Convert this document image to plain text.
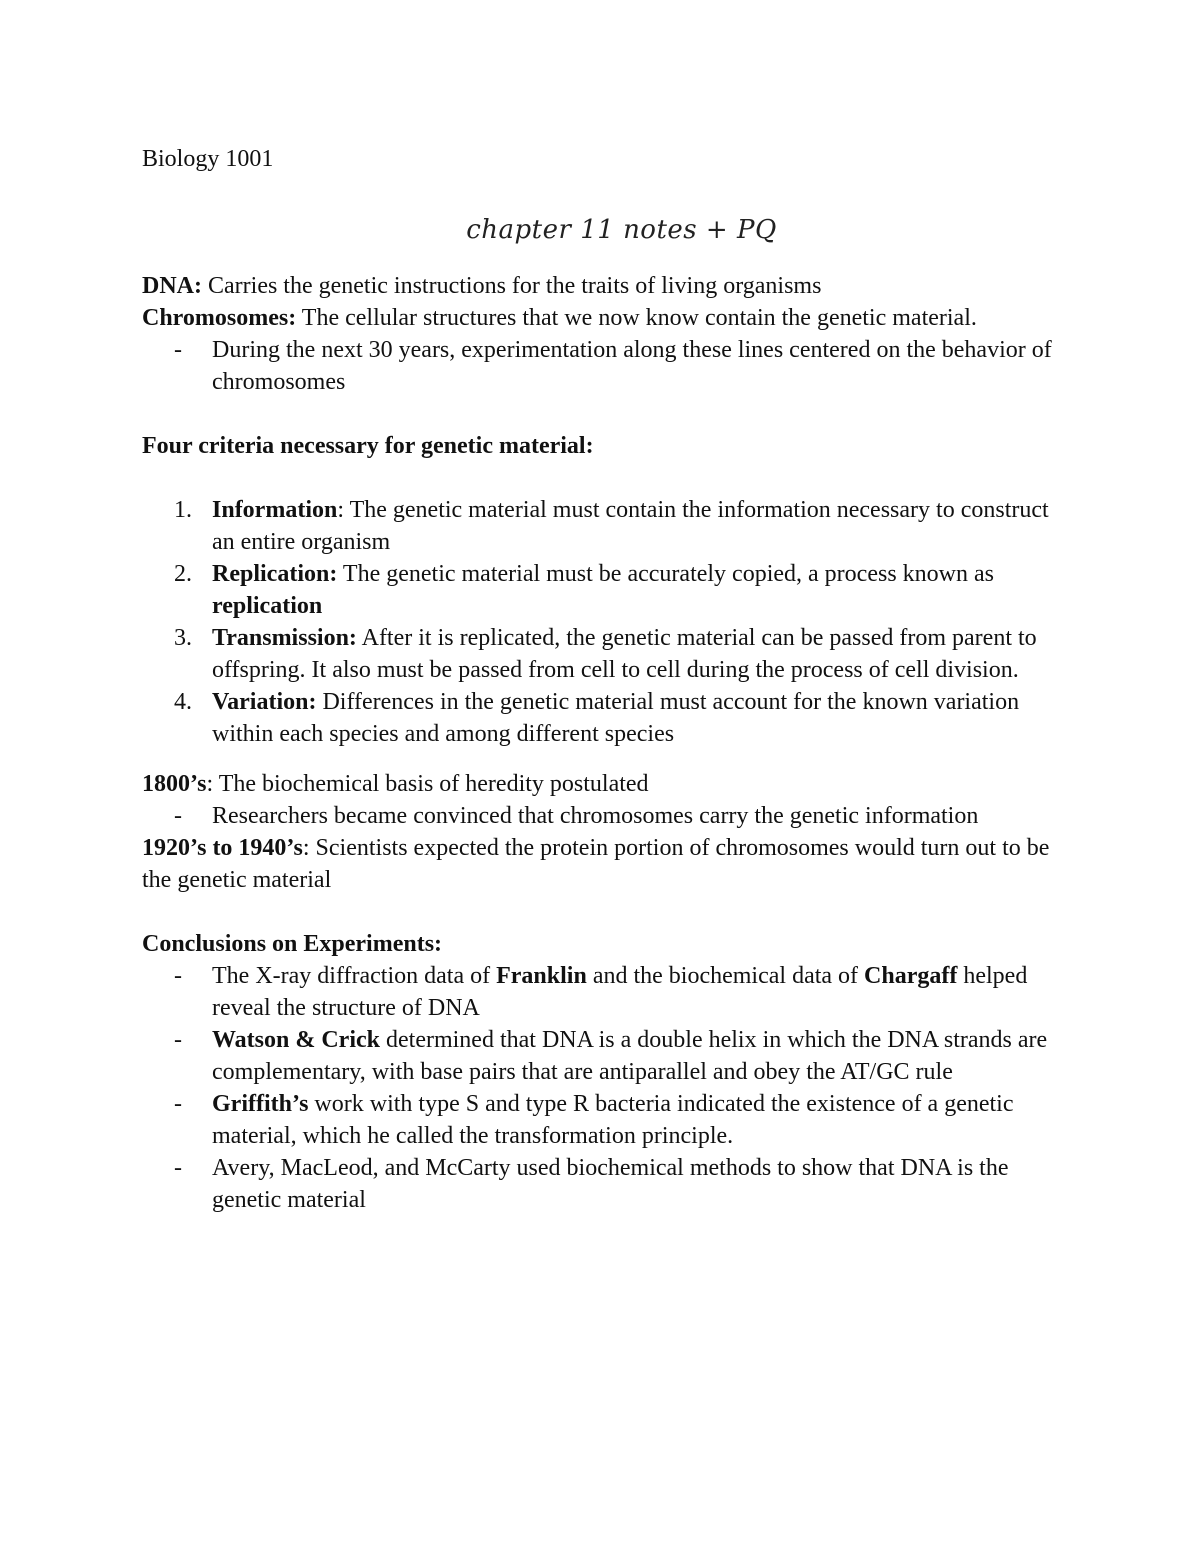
Biology 1001
chapter 11 notes + PQ

DNA: Carries the genetic instructions for the traits of living organisms

Chromosomes: The cellular structures that we now know contain the genetic material.

- During the next 30 years, experimentation along these lines centered on the behavior of chromosomes

Four criteria necessary for genetic material:

1. Information: The genetic material must contain the information necessary to construct an entire organism
2. Replication: The genetic material must be accurately copied, a process known as replication
3. Transmission: After it is replicated, the genetic material can be passed from parent to offspring. It also must be passed from cell to cell during the process of cell division.
4. Variation: Differences in the genetic material must account for the known variation within each species and among different species

1800’s: The biochemical basis of heredity postulated

- Researchers became convinced that chromosomes carry the genetic information

1920’s to 1940’s: Scientists expected the protein portion of chromosomes would turn out to be the genetic material

Conclusions on Experiments:

- The X-ray diffraction data of Franklin and the biochemical data of Chargaff helped reveal the structure of DNA
- Watson & Crick determined that DNA is a double helix in which the DNA strands are complementary, with base pairs that are antiparallel and obey the AT/GC rule
- Griffith’s work with type S and type R bacteria indicated the existence of a genetic material, which he called the transformation principle.
- Avery, MacLeod, and McCarty used biochemical methods to show that DNA is the genetic material
